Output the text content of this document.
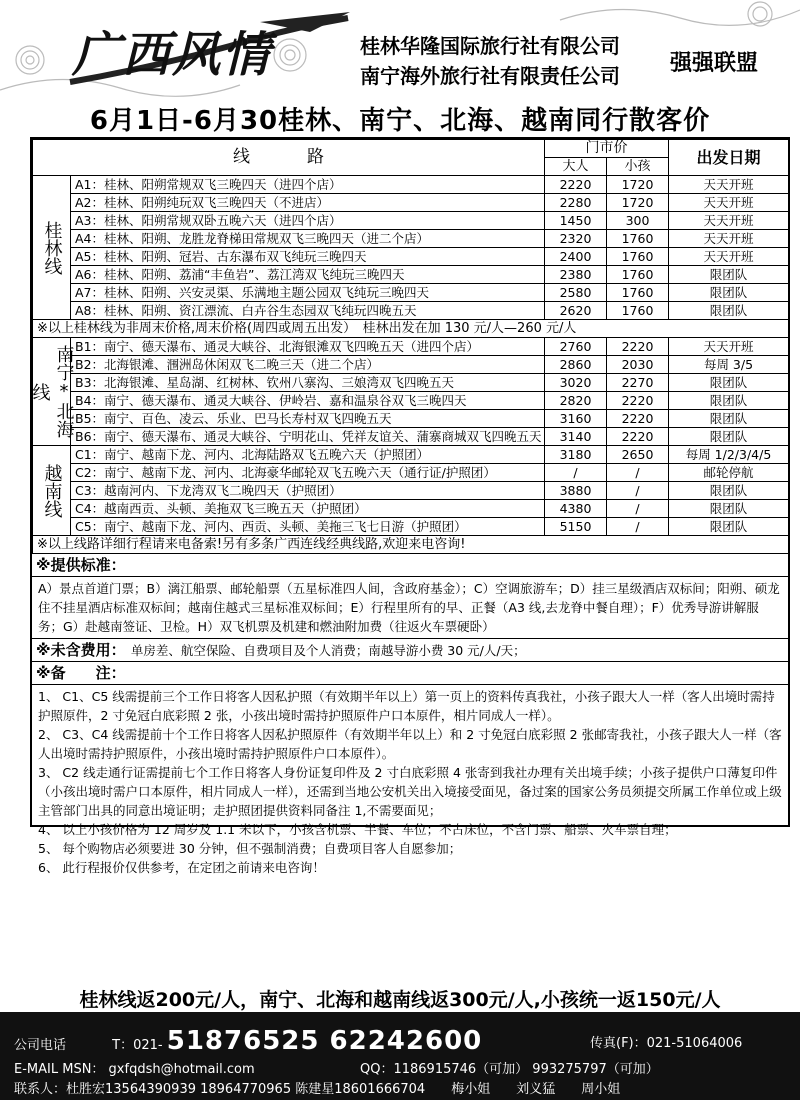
广西风情	桂林华隆国际旅行社有限公司
南宁海外旅行社有限责任公司 强强联盟
6月1日-6月30桂林、南宁、北海、越南同行散客价
线　路		门市价		出发日期
		大人	小孩	
桂林线	A1：桂林、阳朔常规双飞三晚四天（进四个店）	2220	1720	天天开班
	A2：桂林、阳朔纯玩双飞三晚四天（不进店）	2280	1720	天天开班
	A3：桂林、阳朔常规双卧五晚六天（进四个店）	1450	300	天天开班
	A4：桂林、阳朔、龙胜龙脊梯田常规双飞三晚四天（进二个店）	2320	1760	天天开班
	A5：桂林、阳朔、冠岩、古东瀑布双飞纯玩三晚四天	2400	1760	天天开班
	A6：桂林、阳朔、荔浦“丰鱼岩”、荔江湾双飞纯玩三晚四天	2380	1760	限团队
	A7：桂林、阳朔、兴安灵渠、乐满地主题公园双飞纯玩三晚四天	2580	1760	限团队
	A8：桂林、阳朔、资江漂流、白卉谷生态园双飞纯玩四晚五天	2620	1760	限团队
※以上桂林线为非周末价格,周末价格(周四或周五出发）　桂林出发在加 130 元/人—260 元/人				
南宁*北海线	B1：南宁、德天瀑布、通灵大峡谷、北海银滩双飞四晚五天（进四个店）	2760	2220	天天开班
	B2：北海银滩、涠洲岛休闲双飞二晚三天（进二个店）	2860	2030	每周 3/5
	B3：北海银滩、星岛湖、红树林、钦州八寨沟、三娘湾双飞四晚五天	3020	2270	限团队
	B4：南宁、德天瀑布、通灵大峡谷、伊岭岩、嘉和温泉谷双飞三晚四天	2820	2220	限团队
	B5：南宁、百色、凌云、乐业、巴马长寿村双飞四晚五天	3160	2220	限团队
	B6：南宁、德天瀑布、通灵大峡谷、宁明花山、凭祥友谊关、蒲寨商城双飞四晚五天	3140	2220	限团队
越南线	C1：南宁、越南下龙、河内、北海陆路双飞五晚六天（护照团）	3180	2650	每周 1/2/3/4/5
	C2：南宁、越南下龙、河内、北海豪华邮轮双飞五晚六天（通行证/护照团）	/	/	邮轮停航
	C3：越南河内、下龙湾双飞二晚四天（护照团）	3880	/	限团队
	C4：越南西贡、头顿、美拖双飞三晚五天（护照团）	4380	/	限团队
	C5：南宁、越南下龙、河内、西贡、头顿、美拖三飞七日游（护照团）	5150	/	限团队
※以上线路详细行程请来电备索!另有多条广西连线经典线路,欢迎来电咨询!				
※提供标准：
A）景点首道门票；B）漓江船票、邮轮船票（五星标准四人间，含政府基金）；C）空调旅游车；D）挂三星级酒店双标间；阳朔、硕龙住不挂星酒店标准双标间；越南住越式三星标准双标间；E）行程里所有的早、正餐（A3 线,去龙脊中餐自理）；F）优秀导游讲解服务；G）赴越南签证、卫检。H）双飞机票及机建和燃油附加费（往返火车票硬卧）
※未含费用： 单房差、航空保险、自费项目及个人消费；南越导游小费 30 元/人/天；
※备　　注：
1、 C1、C5 线需提前三个工作日将客人因私护照（有效期半年以上）第一页上的资料传真我社，小孩子跟大人一样（客人出境时需持护照原件，2 寸免冠白底彩照 2 张，小孩出境时需持护照原件户口本原件，相片同成人一样）。
2、 C3、C4 线需提前十个工作日将客人因私护照原件（有效期半年以上）和 2 寸免冠白底彩照 2 张邮寄我社，小孩子跟大人一样（客人出境时需持护照原件，小孩出境时需持护照原件户口本原件）。
3、 C2 线走通行证需提前七个工作日将客人身份证复印件及 2 寸白底彩照 4 张寄到我社办理有关出境手续；小孩子提供户口薄复印件（小孩出境时需户口本原件，相片同成人一样），还需到当地公安机关出入境接受面见，备过案的国家公务员须提交所属工作单位或上级主管部门出具的同意出境证明；走护照团提供资料同备注 1,不需要面见；
4、 以上小孩价格为 12 周岁及 1.1 米以下，小孩含机票、半餐、车位；不占床位，不含门票、船票、火车票自理；
5、 每个购物店必须要进 30 分钟，但不强制消费；自费项目客人自愿参加；
6、 此行程报价仅供参考，在定团之前请来电咨询！
桂林线返200元/人，南宁、北海和越南线返300元/人,小孩统一返150元/人
公司电话	T：021- 51876525 62242600	传真(F)：021-51064006
E-MAIL MSN： gxfqdsh@hotmail.com	QQ：1186915746（可加） 993275797（可加）
联系人：杜胜宏13564390939 18964770965 陈建星18601666704　　梅小姐　　刘义猛　　周小姐
